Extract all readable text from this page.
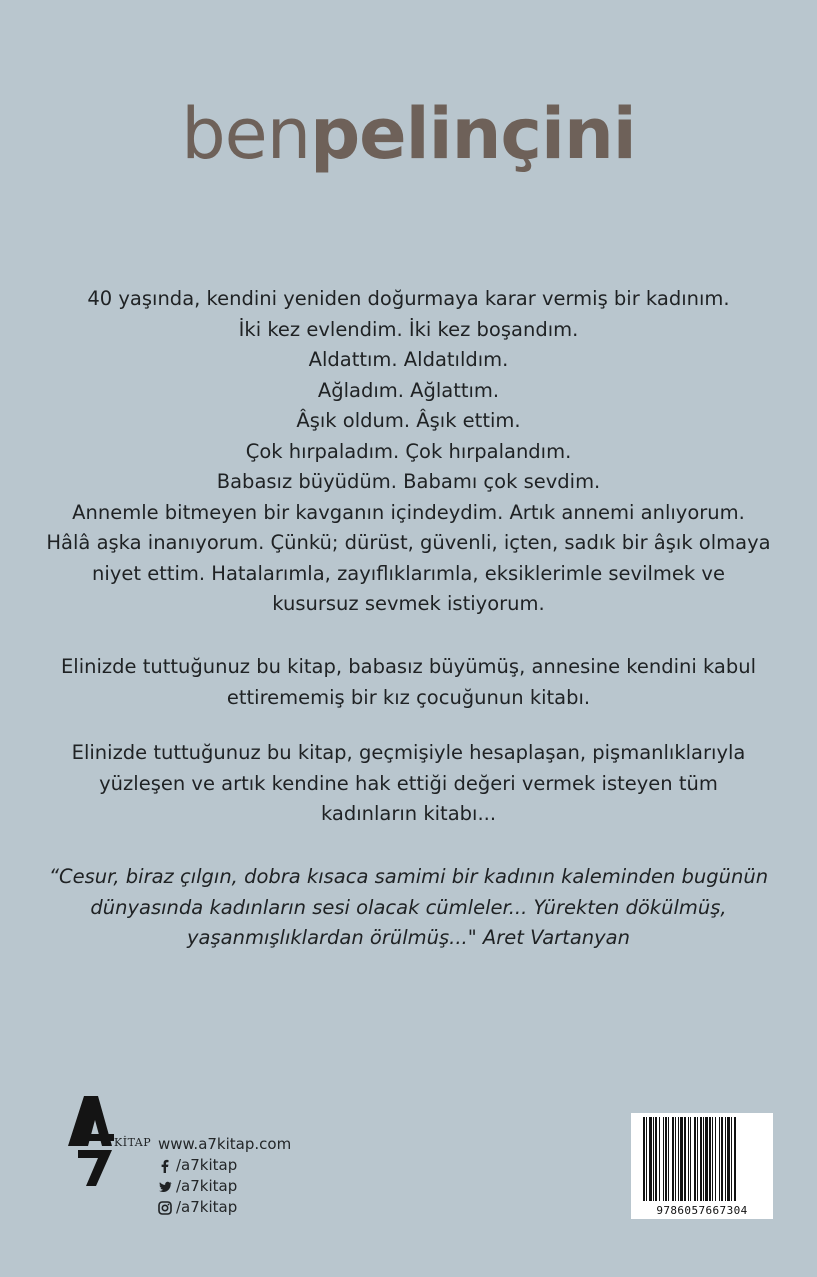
benpelinçini
40 yaşında, kendini yeniden doğurmaya karar vermiş bir kadınım.
İki kez evlendim. İki kez boşandım.
Aldattım. Aldatıldım.
Ağladım. Ağlattım.
Âşık oldum. Âşık ettim.
Çok hırpaladım. Çok hırpalandım.
Babasız büyüdüm. Babamı çok sevdim.
Annemle bitmeyen bir kavganın içindeydim. Artık annemi anlıyorum.
Hâlâ aşka inanıyorum. Çünkü; dürüst, güvenli, içten, sadık bir âşık olmaya
niyet ettim. Hatalarımla, zayıflıklarımla, eksiklerimle sevilmek ve
kusursuz sevmek istiyorum.
Elinizde tuttuğunuz bu kitap, babasız büyümüş, annesine kendini kabul
ettirememiş bir kız çocuğunun kitabı.
Elinizde tuttuğunuz bu kitap, geçmişiyle hesaplaşan, pişmanlıklarıyla
yüzleşen ve artık kendine hak ettiği değeri vermek isteyen tüm
kadınların kitabı...
“Cesur, biraz çılgın, dobra kısaca samimi bir kadının kaleminden bugünün
dünyasında kadınların sesi olacak cümleler... Yürekten dökülmüş,
yaşanmışlıklardan örülmüş..." Aret Vartanyan
KİTAP www.a7kitap.com
/a7kitap
/a7kitap
/a7kitap	9786057667304
